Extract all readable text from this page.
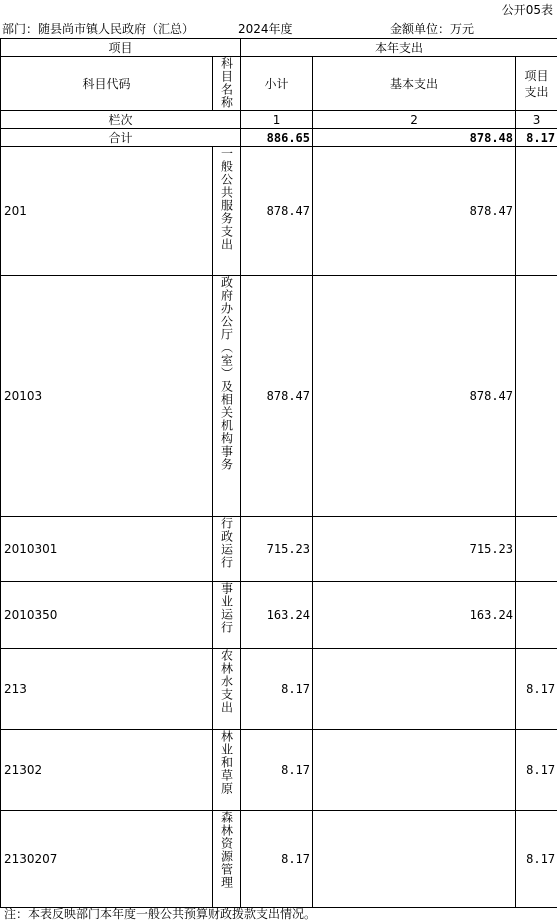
公开05表
部门：随县尚市镇人民政府（汇总）	2024年度	金额单位：万元
项目		本年支出		
科目代码	科目名称	小计	基本支出	项目支出
栏次		1	2	3
合计		886.65	878.48	8.17
201	一般公共服务支出	878.47	878.47	
20103	政府办公厅（室）及相关机构事务	878.47	878.47	
2010301	行政运行	715.23	715.23	
2010350	事业运行	163.24	163.24	
213	农林水支出	8.17		8.17
21302	林业和草原	8.17		8.17
2130207	森林资源管理	8.17		8.17
注：本表反映部门本年度一般公共预算财政拨款支出情况。
